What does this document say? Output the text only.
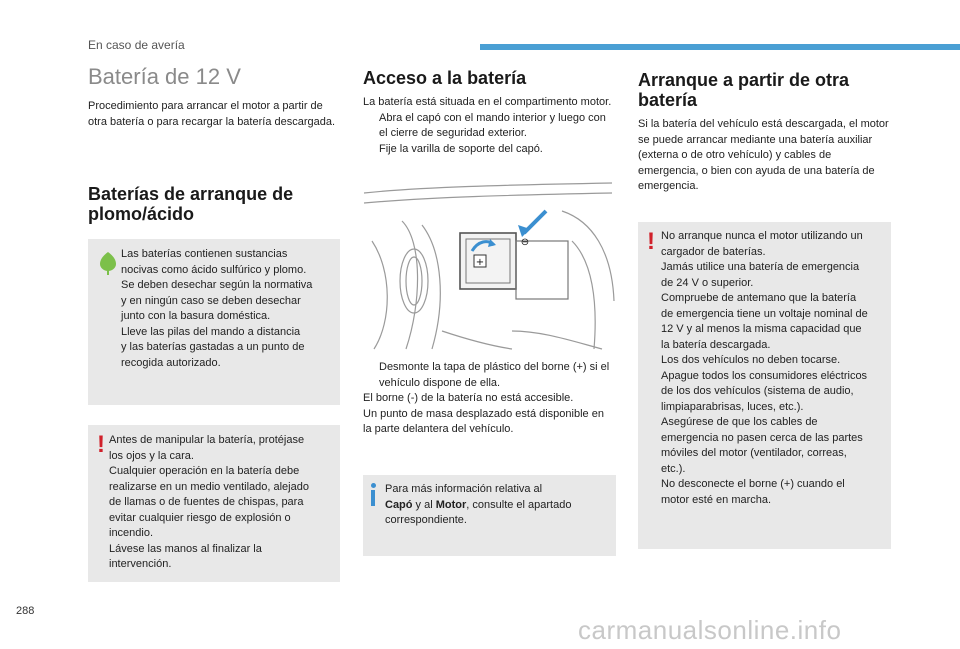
En caso de avería
Batería de 12 V

Procedimiento para arrancar el motor a partir de otra batería o para recargar la batería descargada.

Baterías de arranque de
plomo/ácido
Las baterías contienen sustancias
nocivas como ácido sulfúrico y plomo.
Se deben desechar según la normativa
y en ningún caso se deben desechar
junto con la basura doméstica.
Lleve las pilas del mando a distancia
y las baterías gastadas a un punto de
recogida autorizado.
! Antes de manipular la batería, protéjase
los ojos y la cara.
Cualquier operación en la batería debe
realizarse en un medio ventilado, alejado
de llamas o de fuentes de chispas, para
evitar cualquier riesgo de explosión o
incendio.
Lávese las manos al finalizar la
intervención.
Acceso a la batería

La batería está situada en el compartimento motor.

Abra el capó con el mando interior y luego con el cierre de seguridad exterior.
Fije la varilla de soporte del capó.
+
⊖
Desmonte la tapa de plástico del borne (+) si el vehículo dispone de ella.

El borne (-) de la batería no está accesible.

Un punto de masa desplazado está disponible en la parte delantera del vehículo.

Para más información relativa al
Capó y al Motor, consulte el apartado correspondiente.
Arranque a partir de otra
batería

Si la batería del vehículo está descargada, el motor se puede arrancar mediante una batería auxiliar (externa o de otro vehículo) y cables de emergencia, o bien con ayuda de una batería de emergencia.

! No arranque nunca el motor utilizando un
cargador de baterías.
Jamás utilice una batería de emergencia
de 24 V o superior.
Compruebe de antemano que la batería
de emergencia tiene un voltaje nominal de
12 V y al menos la misma capacidad que
la batería descargada.
Los dos vehículos no deben tocarse.
Apague todos los consumidores eléctricos
de los dos vehículos (sistema de audio,
limpiaparabrisas, luces, etc.).
Asegúrese de que los cables de
emergencia no pasen cerca de las partes
móviles del motor (ventilador, correas,
etc.).
No desconecte el borne (+) cuando el
motor esté en marcha.
288
carmanualsonline.info
